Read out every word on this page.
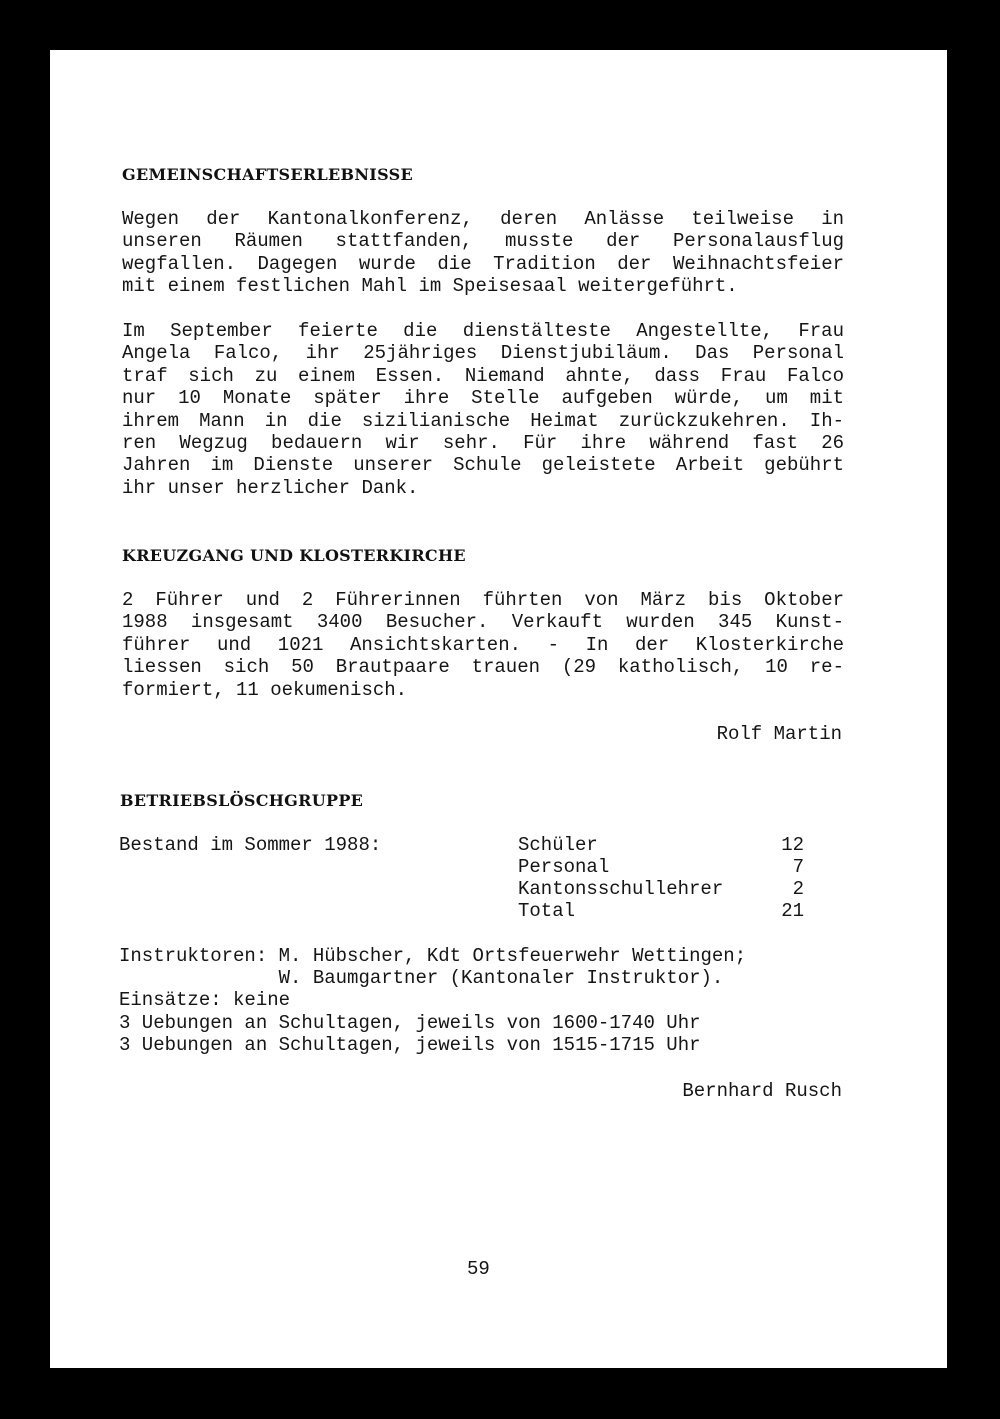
GEMEINSCHAFTSERLEBNISSE
Wegen der Kantonalkonferenz, deren Anlässe teilweise in
unseren Räumen stattfanden, musste der Personalausflug
wegfallen. Dagegen wurde die Tradition der Weihnachtsfeier
mit einem festlichen Mahl im Speisesaal weitergeführt.
Im September feierte die dienstälteste Angestellte, Frau
Angela Falco, ihr 25jähriges Dienstjubiläum. Das Personal
traf sich zu einem Essen. Niemand ahnte, dass Frau Falco
nur 10 Monate später ihre Stelle aufgeben würde, um mit
ihrem Mann in die sizilianische Heimat zurückzukehren. Ih-
ren Wegzug bedauern wir sehr. Für ihre während fast 26
Jahren im Dienste unserer Schule geleistete Arbeit gebührt
ihr unser herzlicher Dank.
KREUZGANG UND KLOSTERKIRCHE
2 Führer und 2 Führerinnen führten von März bis Oktober
1988 insgesamt 3400 Besucher. Verkauft wurden 345 Kunst-
führer und 1021 Ansichtskarten. - In der Klosterkirche
liessen sich 50 Brautpaare trauen (29 katholisch, 10 re-
formiert, 11 oekumenisch.
Rolf Martin
BETRIEBSLÖSCHGRUPPE
Bestand im Sommer 1988:	Schüler	12
Personal	7
Kantonsschullehrer	2
Total	21
Instruktoren: M. Hübscher, Kdt Ortsfeuerwehr Wettingen;
W. Baumgartner (Kantonaler Instruktor).
Einsätze: keine
3 Uebungen an Schultagen, jeweils von 1600-1740 Uhr
3 Uebungen an Schultagen, jeweils von 1515-1715 Uhr
Bernhard Rusch
59
